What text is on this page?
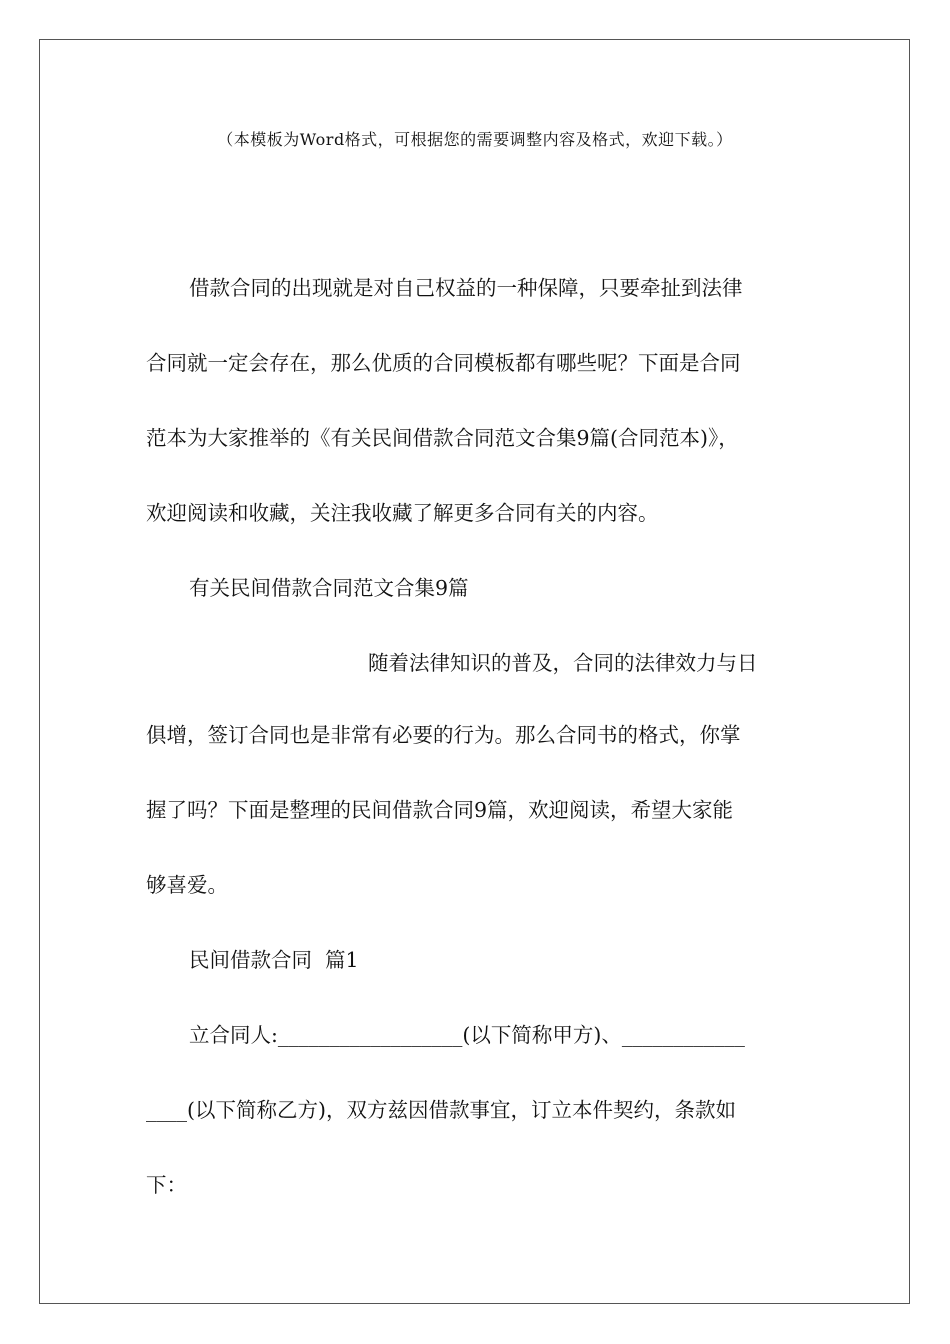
（本模板为Word格式，可根据您的需要调整内容及格式，欢迎下载。）
借款合同的出现就是对自己权益的一种保障，只要牵扯到法律
合同就一定会存在，那么优质的合同模板都有哪些呢？下面是合同
范本为大家推举的《有关民间借款合同范文合集9篇(合同范本)》，
欢迎阅读和收藏，关注我收藏了解更多合同有关的内容。
有关民间借款合同范文合集9篇
随着法律知识的普及，合同的法律效力与日
俱增，签订合同也是非常有必要的行为。那么合同书的格式，你掌
握了吗？下面是整理的民间借款合同9篇，欢迎阅读，希望大家能
够喜爱。
民间借款合同  篇1
立合同人:__________________(以下简称甲方)、____________
____(以下简称乙方)，双方兹因借款事宜，订立本件契约，条款如
下：
